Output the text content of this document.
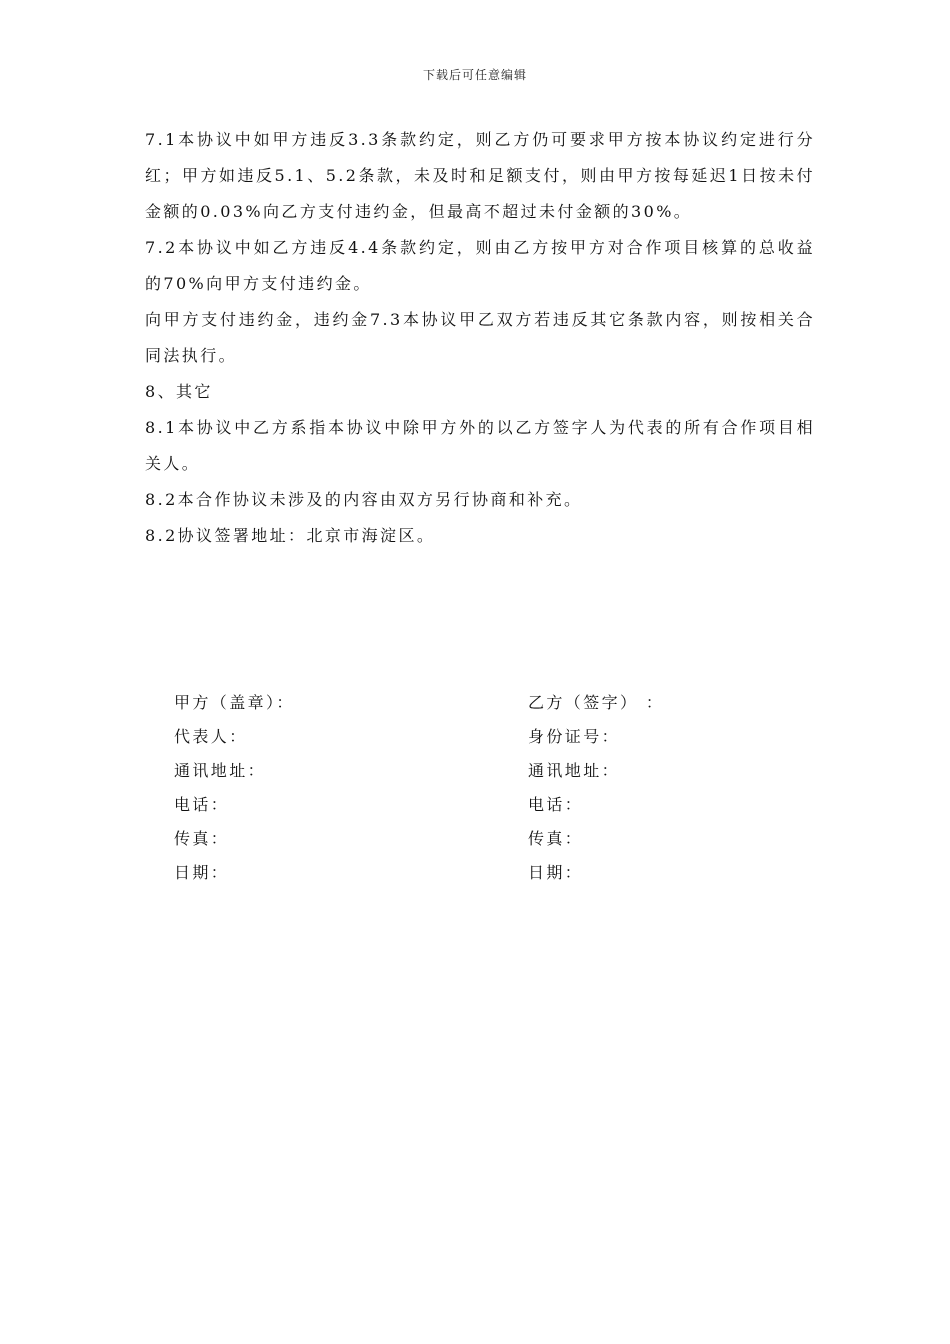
下载后可任意编辑

7.1本协议中如甲方违反3.3条款约定，则乙方仍可要求甲方按本协议约定进行分红；甲方如违反5.1、5.2条款，未及时和足额支付，则由甲方按每延迟1日按未付金额的0.03%向乙方支付违约金，但最高不超过未付金额的30%。

7.2本协议中如乙方违反4.4条款约定，则由乙方按甲方对合作项目核算的总收益的70%向甲方支付违约金。

向甲方支付违约金，违约金7.3本协议甲乙双方若违反其它条款内容，则按相关合同法执行。

8、其它

8.1本协议中乙方系指本协议中除甲方外的以乙方签字人为代表的所有合作项目相关人。

8.2本合作协议未涉及的内容由双方另行协商和补充。

8.2协议签署地址：北京市海淀区。

甲方（盖章）：
代表人：
通讯地址：
电话：
传真：
日期：
乙方（签字） ：
身份证号：
通讯地址：
电话：
传真：
日期：
